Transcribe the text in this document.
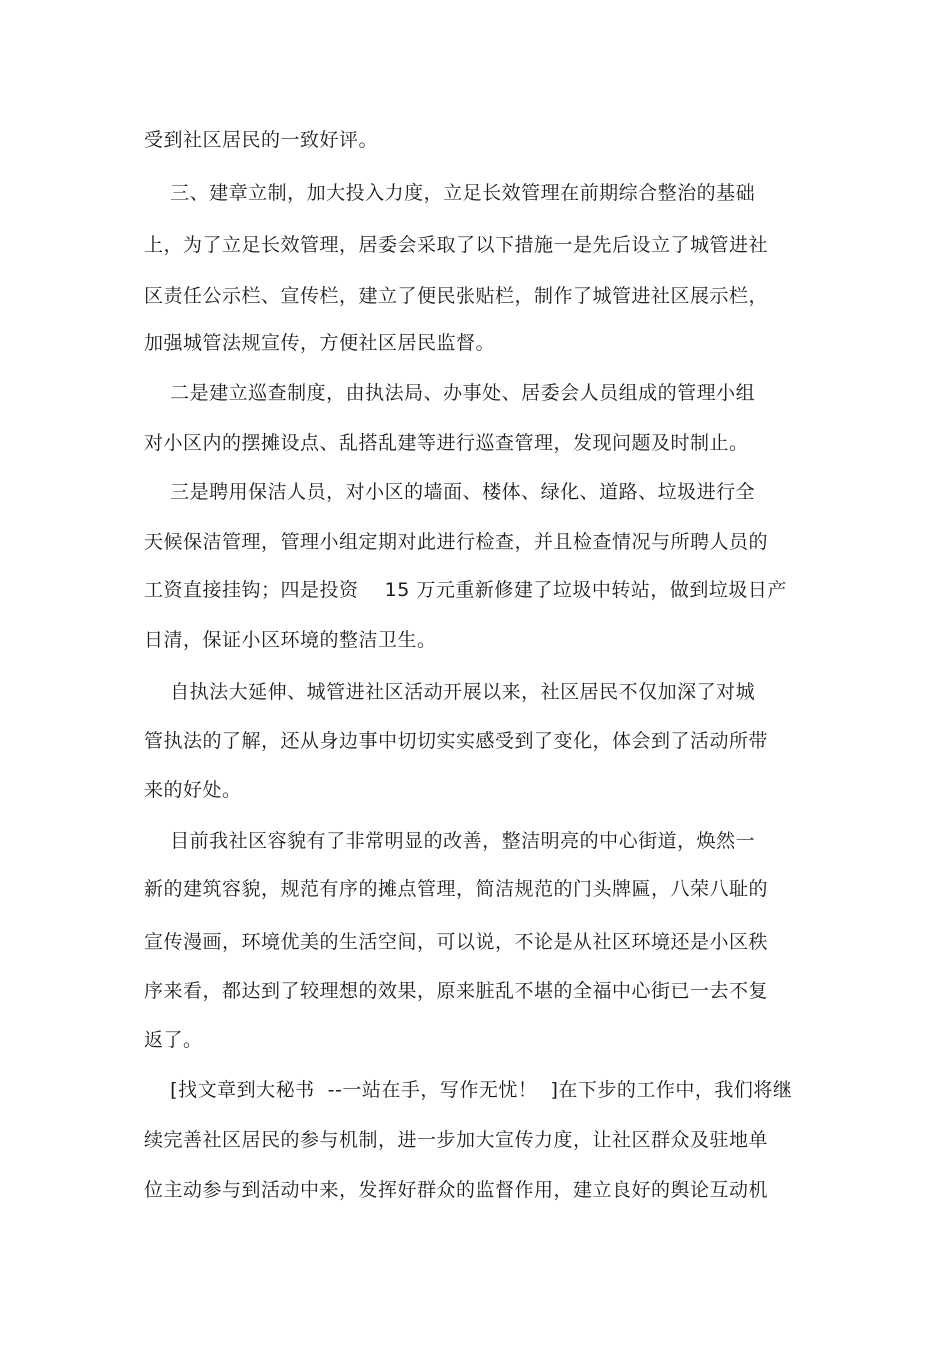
受到社区居民的一致好评。
三、建章立制，加大投入力度，立足长效管理在前期综合整治的基础
上，为了立足长效管理，居委会采取了以下措施一是先后设立了城管进社
区责任公示栏、宣传栏，建立了便民张贴栏，制作了城管进社区展示栏，
加强城管法规宣传，方便社区居民监督。
二是建立巡查制度，由执法局、办事处、居委会人员组成的管理小组
对小区内的摆摊设点、乱搭乱建等进行巡查管理，发现问题及时制止。
三是聘用保洁人员，对小区的墙面、楼体、绿化、道路、垃圾进行全
天候保洁管理，管理小组定期对此进行检查，并且检查情况与所聘人员的
工资直接挂钩；四是投资    15 万元重新修建了垃圾中转站，做到垃圾日产
日清，保证小区环境的整洁卫生。
自执法大延伸、城管进社区活动开展以来，社区居民不仅加深了对城
管执法的了解，还从身边事中切切实实感受到了变化，体会到了活动所带
来的好处。
目前我社区容貌有了非常明显的改善，整洁明亮的中心街道，焕然一
新的建筑容貌，规范有序的摊点管理，简洁规范的门头牌匾，八荣八耻的
宣传漫画，环境优美的生活空间，可以说，不论是从社区环境还是小区秩
序来看，都达到了较理想的效果，原来脏乱不堪的全福中心街已一去不复
返了。
[找文章到大秘书  --一站在手，写作无忧！  ]在下步的工作中，我们将继
续完善社区居民的参与机制，进一步加大宣传力度，让社区群众及驻地单
位主动参与到活动中来，发挥好群众的监督作用，建立良好的舆论互动机
